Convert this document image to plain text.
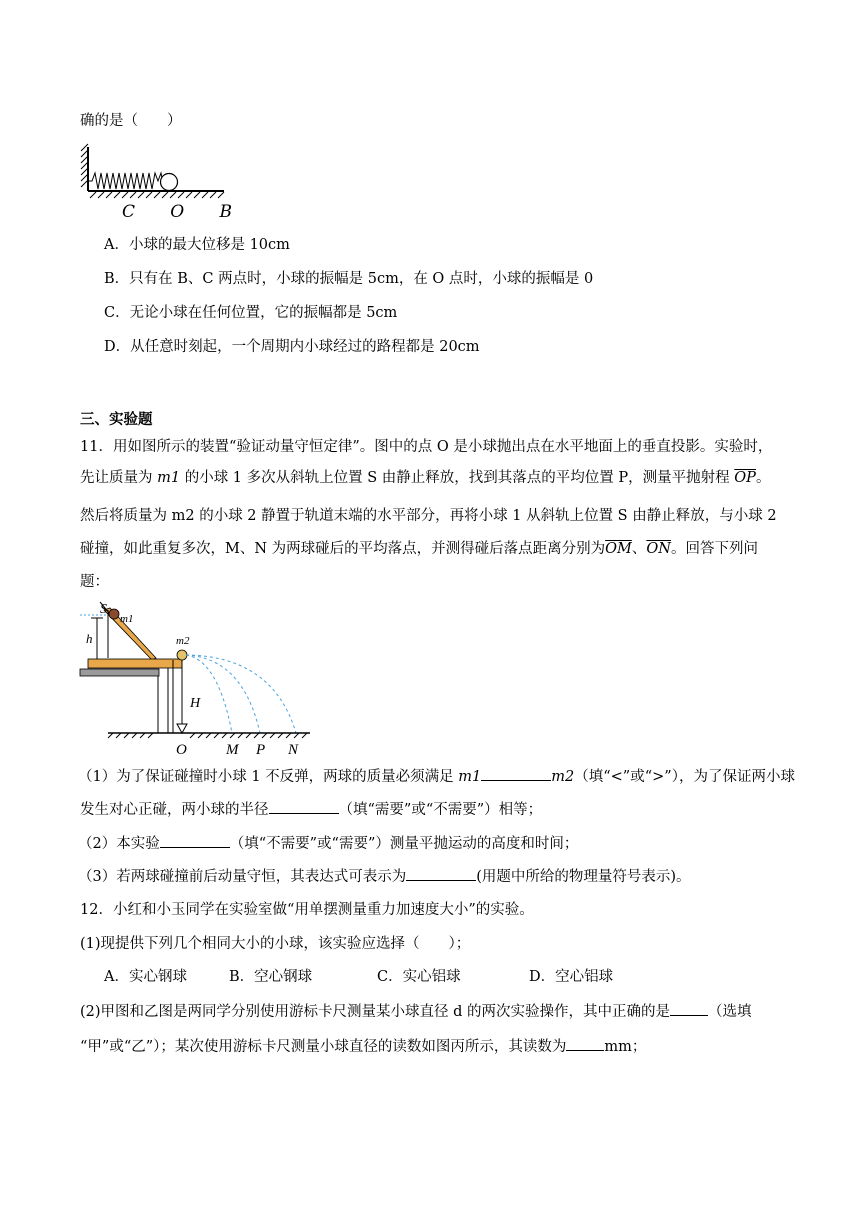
确的是（　　）
C O B
A．小球的最大位移是 10cm
B．只有在 B、C 两点时，小球的振幅是 5cm，在 O 点时，小球的振幅是 0
C．无论小球在任何位置，它的振幅都是 5cm
D．从任意时刻起，一个周期内小球经过的路程都是 20cm
三、实验题
11．用如图所示的装置“验证动量守恒定律”。图中的点 O 是小球抛出点在水平地面上的垂直投影。实验时，
先让质量为 m1 的小球 1 多次从斜轨上位置 S 由静止释放，找到其落点的平均位置 P，测量平抛射程 $\overline{OP}$。
然后将质量为 m2 的小球 2 静置于轨道末端的水平部分，再将小球 1 从斜轨上位置 S 由静止释放，与小球 2
碰撞，如此重复多次，M、N 为两球碰后的平均落点，并测得碰后落点距离分别为$\overline{OM}$、$\overline{ON}$。回答下列问
题：
S
m1
m2
h
H
O	M P N
（1）为了保证碰撞时小球 1 不反弹，两球的质量必须满足 m1	m2（填“<”或“>”），为了保证两小球
发生对心正碰，两小球的半径	（填“需要”或“不需要”）相等；
（2）本实验	（填“不需要”或“需要”）测量平抛运动的高度和时间；
（3）若两球碰撞前后动量守恒，其表达式可表示为	(用题中所给的物理量符号表示)。
12．小红和小玉同学在实验室做“用单摆测量重力加速度大小”的实验。
(1)现提供下列几个相同大小的小球，该实验应选择（　　）；
A．实心钢球	B．空心钢球	C．实心铝球	D．空心铝球
(2)甲图和乙图是两同学分别使用游标卡尺测量某小球直径 d 的两次实验操作，其中正确的是	（选填
“甲”或“乙”）；某次使用游标卡尺测量小球直径的读数如图丙所示，其读数为	mm；
